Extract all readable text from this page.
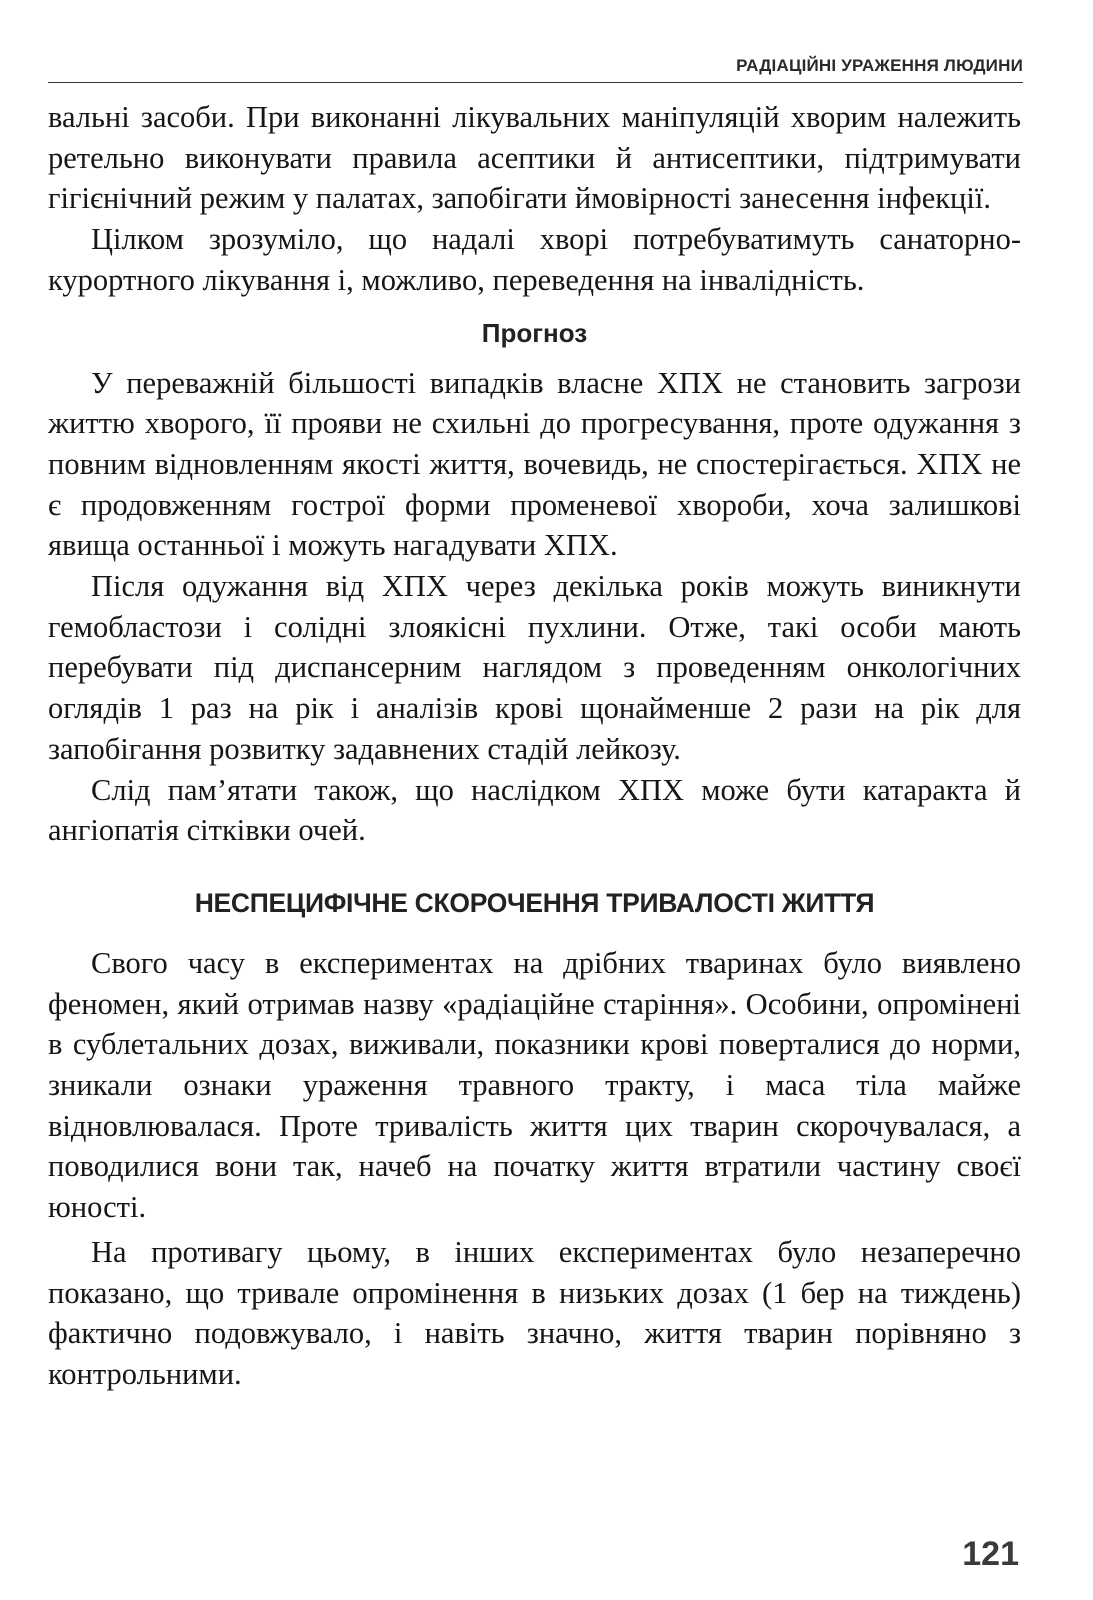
РАДІАЦІЙНІ УРАЖЕННЯ ЛЮДИНИ

вальні засоби. При виконанні лікувальних маніпуляцій хворим належить ретельно виконувати правила асептики й антисептики, підтримувати гігієнічний режим у палатах, запобігати ймовірності занесення інфекції.

Цілком зрозуміло, що надалі хворі потребуватимуть санаторно-курортного лікування і, можливо, переведення на інвалідність.

Прогноз

У переважній більшості випадків власне ХПХ не становить загрози життю хворого, її прояви не схильні до прогресування, проте одужання з повним відновленням якості життя, вочевидь, не спостерігається. ХПХ не є продовженням гострої форми променевої хвороби, хоча залишкові явища останньої і можуть нагадувати ХПХ.

Після одужання від ХПХ через декілька років можуть виникнути гемобластози і солідні злоякісні пухлини. Отже, такі особи мають перебувати під диспансерним наглядом з проведенням онкологічних оглядів 1 раз на рік і аналізів крові щонайменше 2 рази на рік для запобігання розвитку задавнених стадій лейкозу.

Слід пам’ятати також, що наслідком ХПХ може бути катаракта й ангіопатія сітківки очей.

НЕСПЕЦИФІЧНЕ СКОРОЧЕННЯ ТРИВАЛОСТІ ЖИТТЯ

Свого часу в експериментах на дрібних тваринах було виявлено феномен, який отримав назву «радіаційне старіння». Особини, опромінені в сублетальних дозах, виживали, показники крові поверталися до норми, зникали ознаки ураження травного тракту, і маса тіла майже відновлювалася. Проте тривалість життя цих тварин скорочувалася, а поводилися вони так, начеб на початку життя втратили частину своєї юності.

На противагу цьому, в інших експериментах було незаперечно показано, що тривале опромінення в низьких дозах (1 бер на тиждень) фактично подовжувало, і навіть значно, життя тварин порівняно з контрольними.

121
